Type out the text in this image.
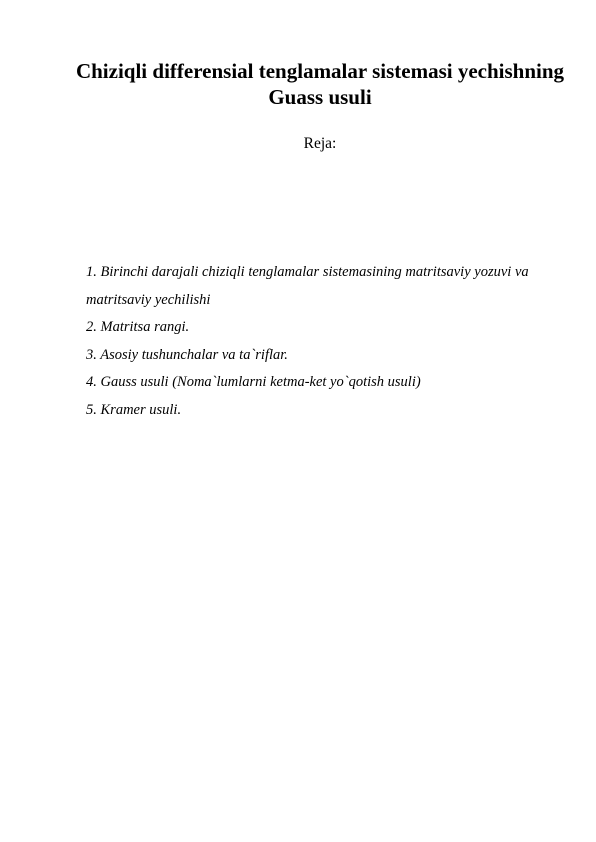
Chiziqli differensial tenglamalar sistemasi yechishning Guass usuli

Reja:

1. Birinchi darajali chiziqli tenglamalar sistemasining matritsaviy yozuvi va matritsaviy yechilishi
2. Matritsa rangi.
3. Asosiy tushunchalar va ta`riflar.
4. Gauss usuli (Noma`lumlarni ketma-ket yo`qotish usuli)
5. Kramer usuli.
